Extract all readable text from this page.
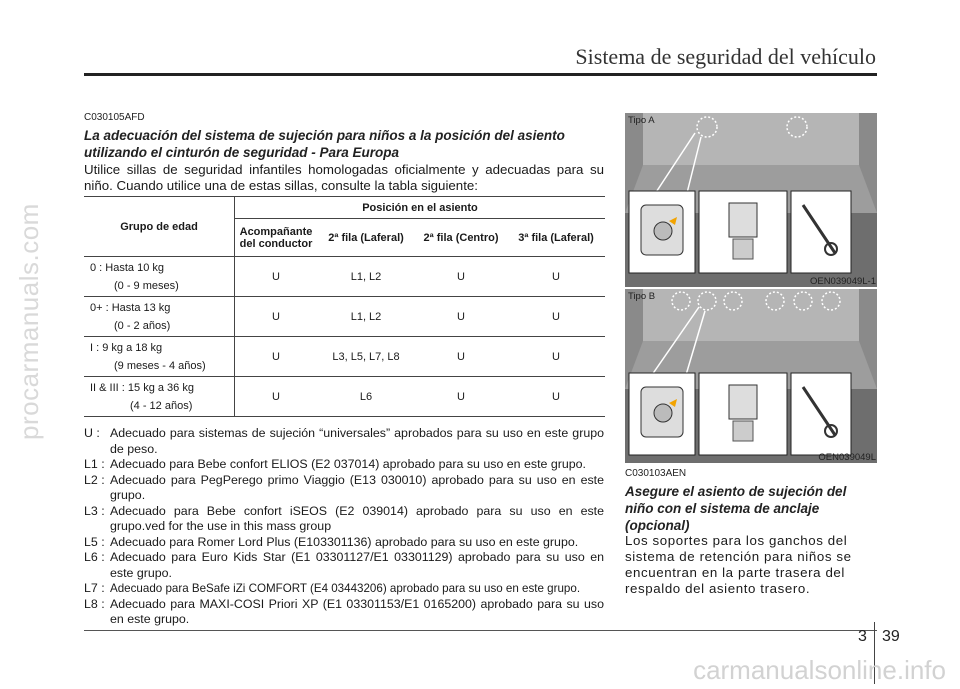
Sistema de seguridad del vehículo
procarmanuals.com
C030105AFD
La adecuación del sistema de sujeción para niños a la posición del asiento utilizando el cinturón de seguridad - Para Europa
Utilice sillas de seguridad infantiles homologadas oficialmente y adecuadas para su niño. Cuando utilice una de estas sillas, consulte la tabla siguiente:
Grupo de edad	Posición en el asiento			
	Acompañante del conductor	2ª fila (Laferal)	2ª fila (Centro)	3ª fila (Laferal)

0 : Hasta 10 kg
(0 - 9 meses)	U	L1, L2	U	U

0+ : Hasta 13 kg
(0 - 2 años)	U	L1, L2	U	U

I : 9 kg a 18 kg
(9 meses - 4 años)	U	L3, L5, L7, L8	U	U

II & III : 15 kg a 36 kg
(4 - 12 años)	U	L6	U	U
U : Adecuado para sistemas de sujeción “universales” aprobados para su uso en este grupo de peso.
L1 : Adecuado para Bebe confort ELIOS (E2 037014) aprobado para su uso en este grupo.
L2 : Adecuado para PegPerego primo Viaggio (E13 030010) aprobado para su uso en este grupo.
L3 : Adecuado para Bebe confort iSEOS (E2 039014) aprobado para su uso en este grupo.ved for the use in this mass group
L5 : Adecuado para Romer Lord Plus (E103301136) aprobado para su uso en este grupo.
L6 : Adecuado para Euro Kids Star (E1 03301127/E1 03301129) aprobado para su uso en este grupo.
L7 : Adecuado para BeSafe iZi COMFORT (E4 03443206) aprobado para su uso en este grupo.
L8 : Adecuado para MAXI-COSI Priori XP (E1 03301153/E1 0165200) aprobado para su uso en este grupo.
Tipo A
OEN039049L-1
Tipo B
OEN039049L
C030103AEN
Asegure el asiento de sujeción del niño con el sistema de anclaje (opcional)
Los soportes para los ganchos del sistema de retención para niños se encuentran en la parte trasera del respaldo del asiento trasero.
3 39
carmanualsonline.info
